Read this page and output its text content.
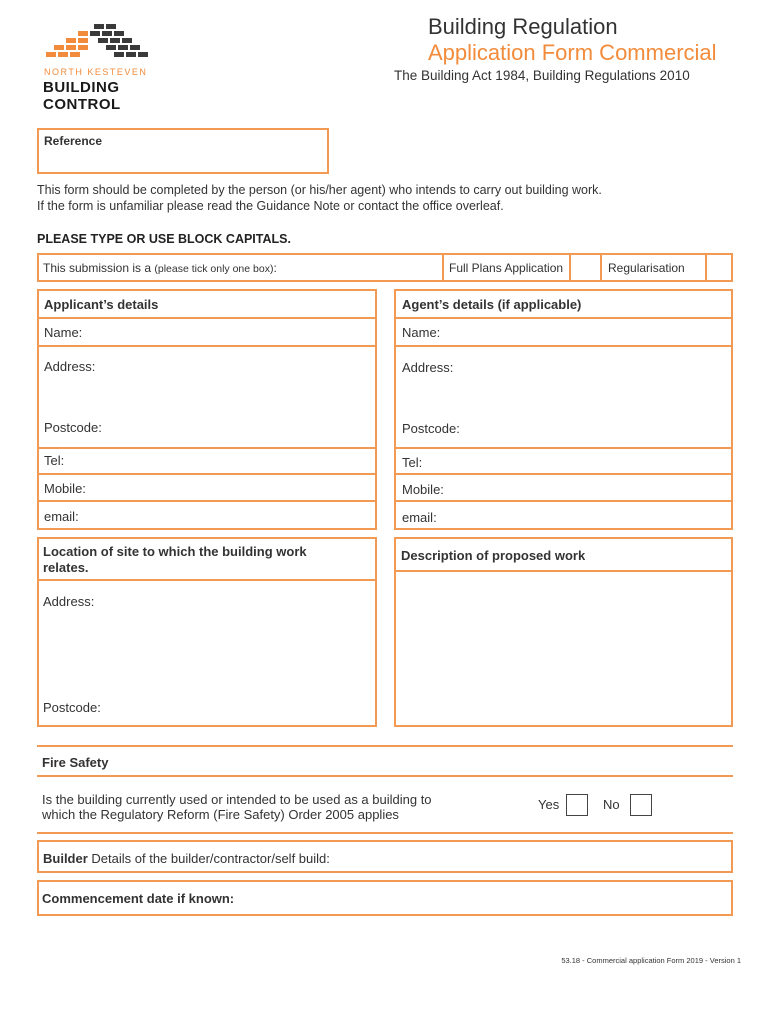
NORTH KESTEVEN
BUILDING
CONTROL
Building Regulation
Application Form Commercial
The Building Act 1984, Building Regulations 2010
Reference
This form should be completed by the person (or his/her agent) who intends to carry out building work.
If the form is unfamiliar please read the Guidance Note or contact the office overleaf.
PLEASE TYPE OR USE BLOCK CAPITALS.
This submission is a (please tick only one box):	Full Plans Application	Regularisation
Applicant’s details
Name:
Address:
Postcode:
Tel:
Mobile:
email:
Agent’s details (if applicable)
Name:
Address:
Postcode:
Tel:
Mobile:
email:
Location of site to which the building work
relates.
Address:
Postcode:
Description of proposed work
Fire Safety
Is the building currently used or intended to be used as a building to
which the Regulatory Reform (Fire Safety) Order 2005 applies
Yes	No
Builder Details of the builder/contractor/self build:
Commencement date if known:
53.18 - Commercial application Form 2019 - Version 1
